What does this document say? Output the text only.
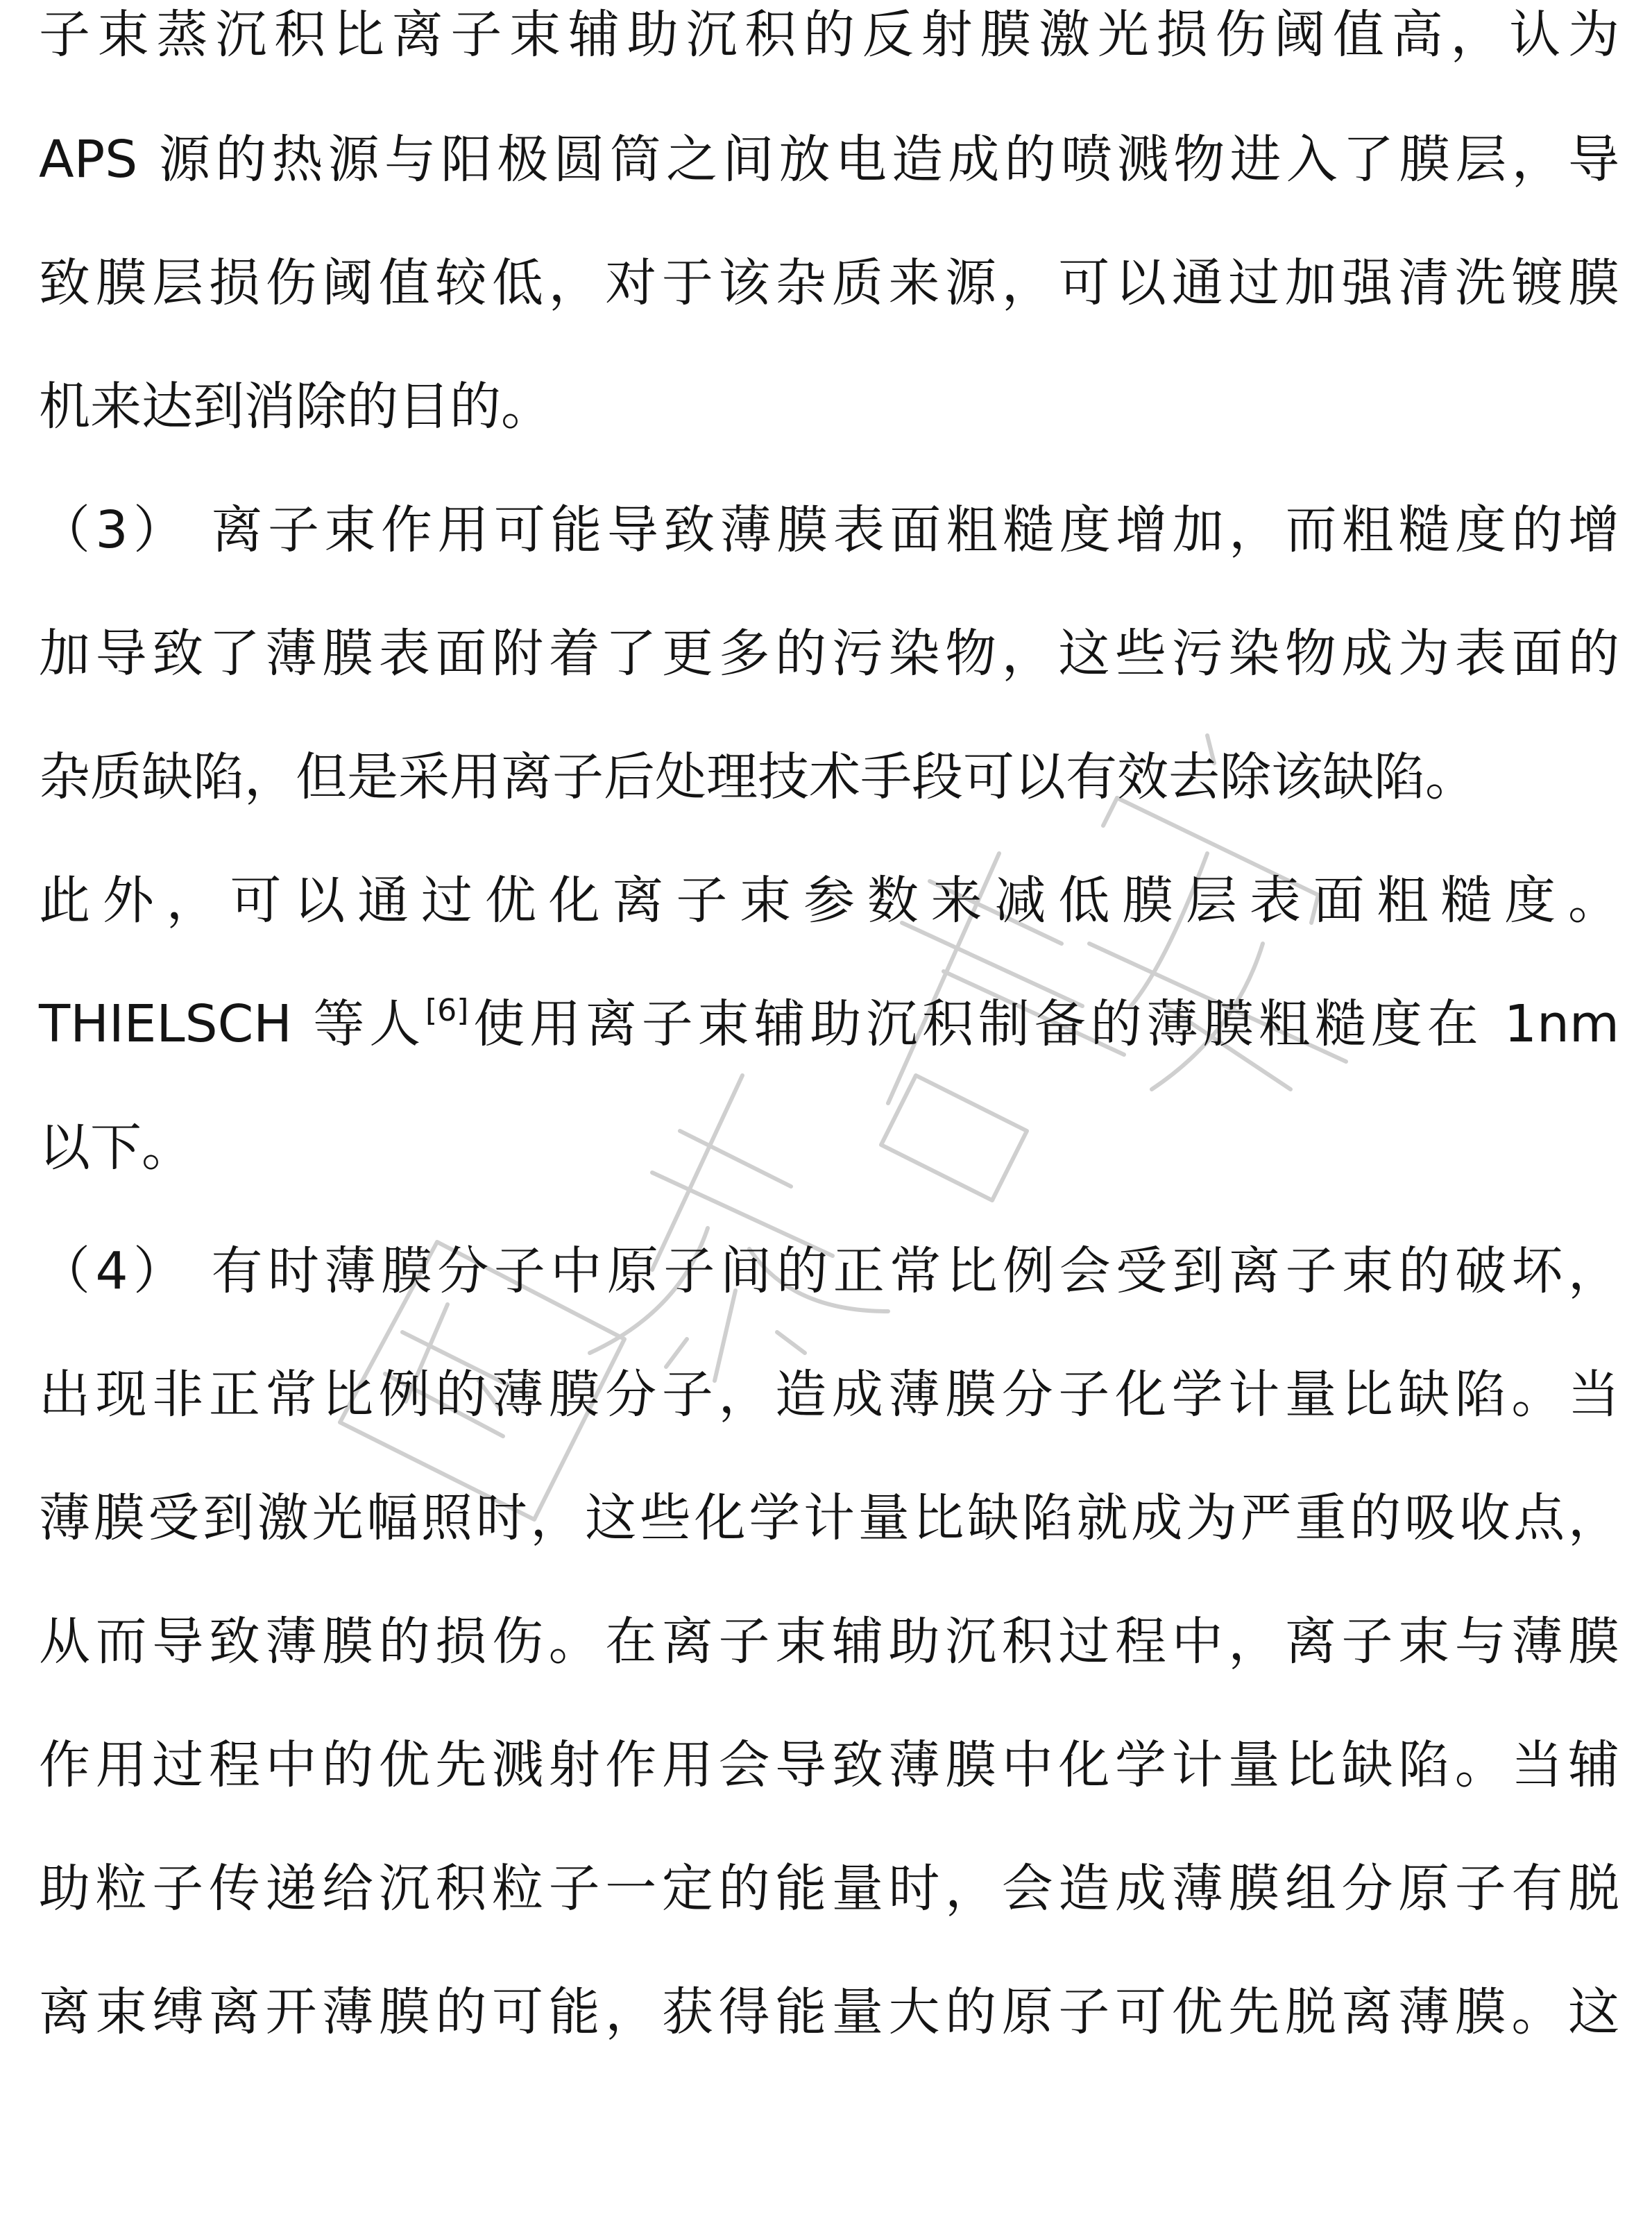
子束蒸沉积比离子束辅助沉积的反射膜激光损伤阈值高，认为
APS 源的热源与阳极圆筒之间放电造成的喷溅物进入了膜层，导
致膜层损伤阈值较低，对于该杂质来源，可以通过加强清洗镀膜
机来达到消除的目的。
（3） 离子束作用可能导致薄膜表面粗糙度增加，而粗糙度的增
加导致了薄膜表面附着了更多的污染物，这些污染物成为表面的
杂质缺陷，但是采用离子后处理技术手段可以有效去除该缺陷。
此外，可以通过优化离子束参数来减低膜层表面粗糙度。
THIELSCH 等人[6]使用离子束辅助沉积制备的薄膜粗糙度在 1nm
以下。
（4） 有时薄膜分子中原子间的正常比例会受到离子束的破坏，
出现非正常比例的薄膜分子，造成薄膜分子化学计量比缺陷。当
薄膜受到激光幅照时，这些化学计量比缺陷就成为严重的吸收点，
从而导致薄膜的损伤。在离子束辅助沉积过程中，离子束与薄膜
作用过程中的优先溅射作用会导致薄膜中化学计量比缺陷。当辅
助粒子传递给沉积粒子一定的能量时，会造成薄膜组分原子有脱
离束缚离开薄膜的可能，获得能量大的原子可优先脱离薄膜。这
